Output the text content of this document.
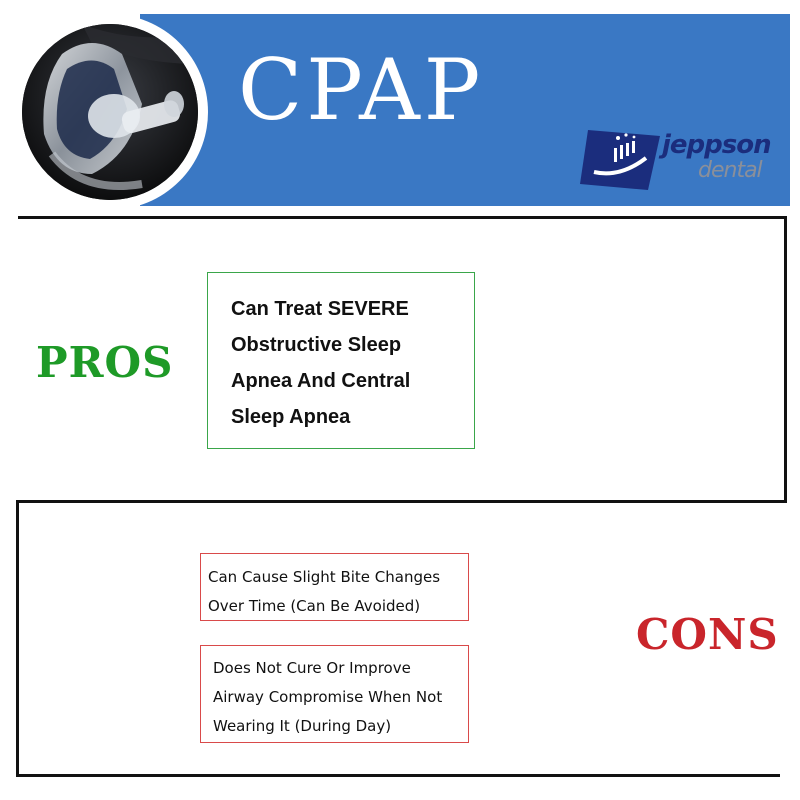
CPAP
jeppson
dental
PROS
Can Treat SEVERE Obstructive Sleep Apnea And Central Sleep Apnea
CONS
Can Cause Slight Bite Changes Over Time (Can Be Avoided)
Does Not Cure Or Improve Airway Compromise When Not Wearing It (During Day)
